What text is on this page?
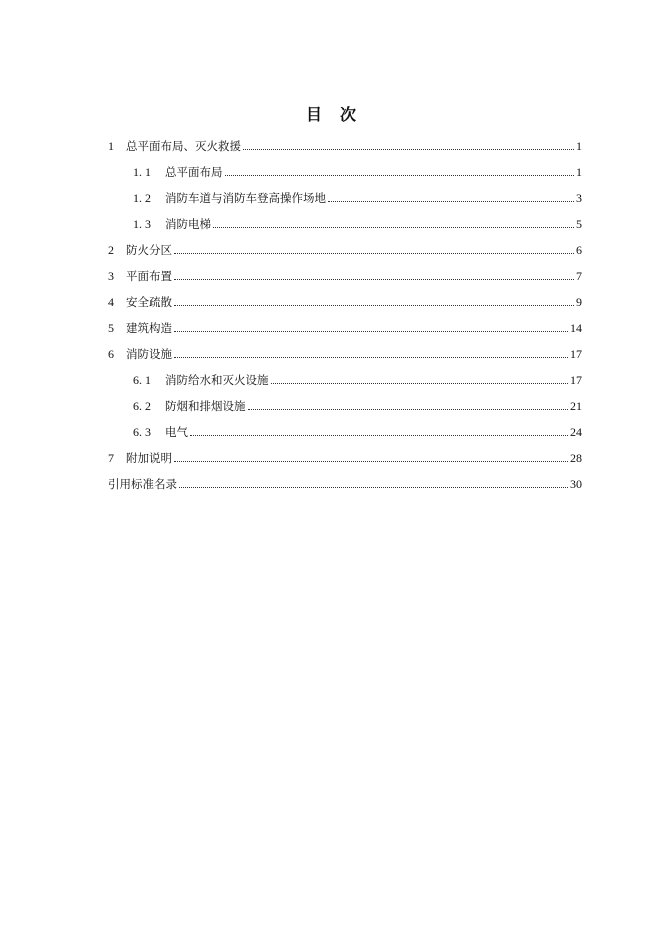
目 次
1	总平面布局、灭火救援	1
1. 1	总平面布局	1
1. 2	消防车道与消防车登高操作场地	3
1. 3	消防电梯	5
2	防火分区	6
3	平面布置	7
4	安全疏散	9
5	建筑构造	14
6	消防设施	17
6. 1	消防给水和灭火设施	17
6. 2	防烟和排烟设施	21
6. 3	电气	24
7	附加说明	28
引用标准名录	30
